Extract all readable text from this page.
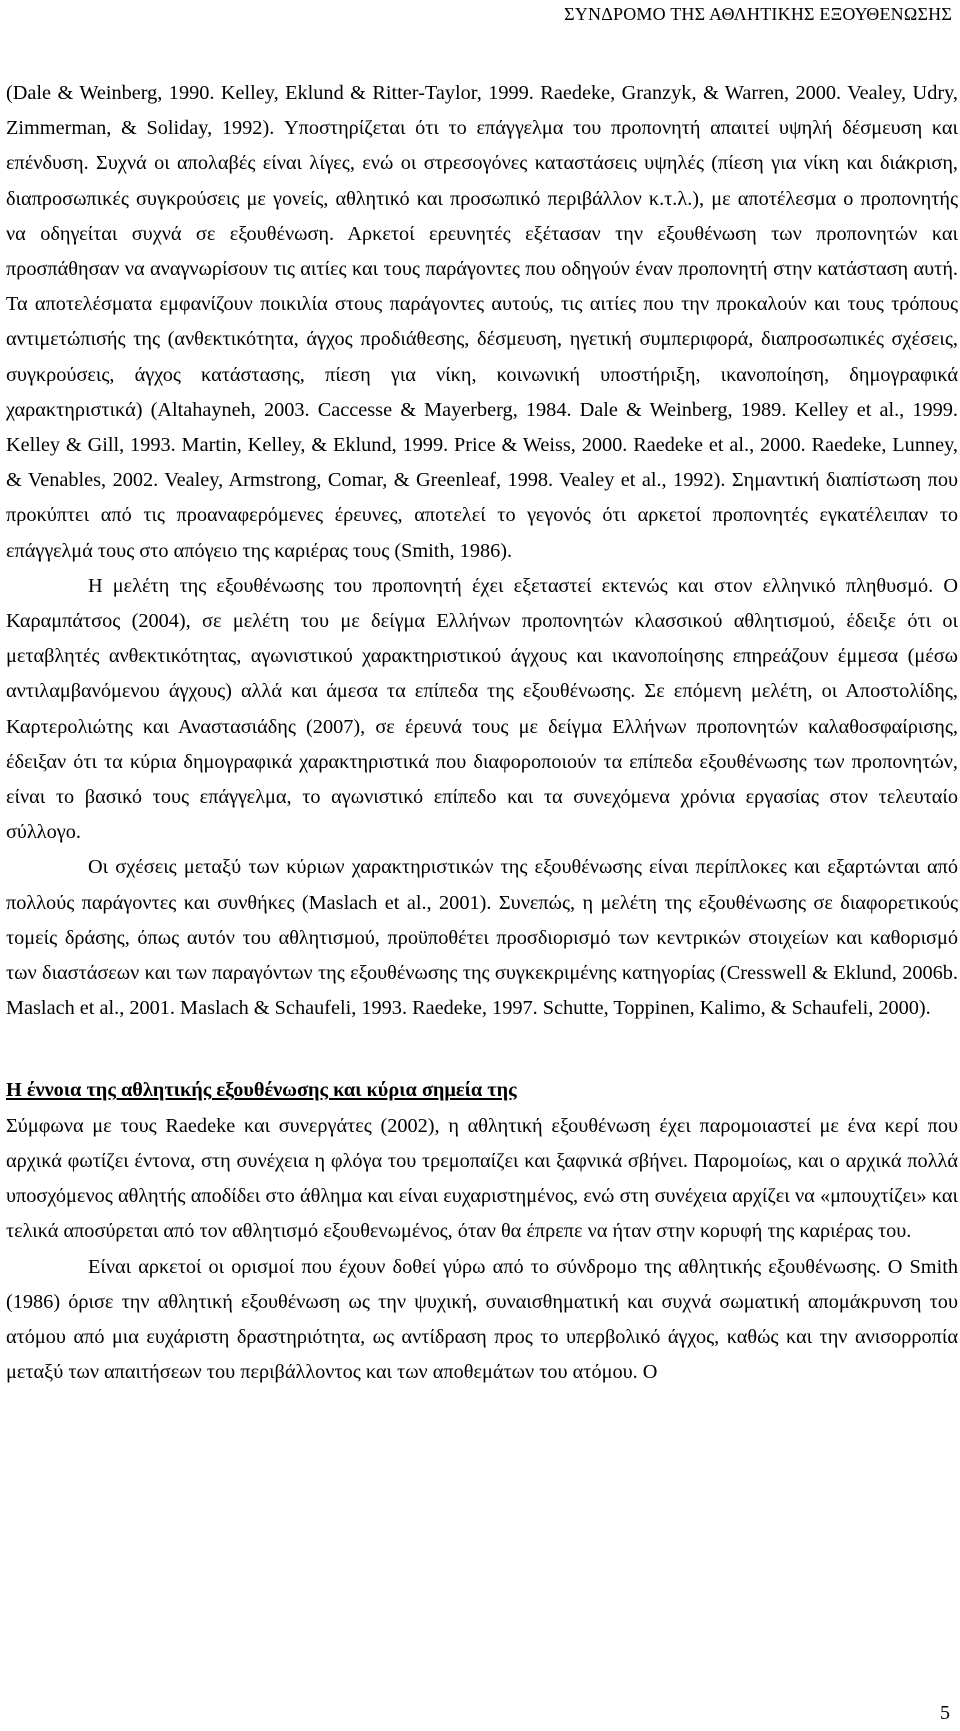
ΣΥΝΔΡΟΜΟ ΤΗΣ ΑΘΛΗΤΙΚΗΣ ΕΞΟΥΘΕΝΩΣΗΣ

(Dale & Weinberg, 1990. Kelley, Eklund & Ritter-Taylor, 1999. Raedeke, Granzyk, & Warren, 2000. Vealey, Udry, Zimmerman, & Soliday, 1992). Υποστηρίζεται ότι το επάγγελμα του προπονητή απαιτεί υψηλή δέσμευση και επένδυση. Συχνά οι απολαβές είναι λίγες, ενώ οι στρεσογόνες καταστάσεις υψηλές (πίεση για νίκη και διάκριση, διαπροσωπικές συγκρούσεις με γονείς, αθλητικό και προσωπικό περιβάλλον κ.τ.λ.), με αποτέλεσμα ο προπονητής να οδηγείται συχνά σε εξουθένωση. Αρκετοί ερευνητές εξέτασαν την εξουθένωση των προπονητών και προσπάθησαν να αναγνωρίσουν τις αιτίες και τους παράγοντες που οδηγούν έναν προπονητή στην κατάσταση αυτή. Τα αποτελέσματα εμφανίζουν ποικιλία στους παράγοντες αυτούς, τις αιτίες που την προκαλούν και τους τρόπους αντιμετώπισής της (ανθεκτικότητα, άγχος προδιάθεσης, δέσμευση, ηγετική συμπεριφορά, διαπροσωπικές σχέσεις, συγκρούσεις, άγχος κατάστασης, πίεση για νίκη, κοινωνική υποστήριξη, ικανοποίηση, δημογραφικά χαρακτηριστικά) (Altahayneh, 2003. Caccesse & Mayerberg, 1984. Dale & Weinberg, 1989. Kelley et al., 1999. Kelley & Gill, 1993. Martin, Kelley, & Eklund, 1999. Price & Weiss, 2000. Raedeke et al., 2000. Raedeke, Lunney, & Venables, 2002. Vealey, Armstrong, Comar, & Greenleaf, 1998. Vealey et al., 1992). Σημαντική διαπίστωση που προκύπτει από τις προαναφερόμενες έρευνες, αποτελεί το γεγονός ότι αρκετοί προπονητές εγκατέλειπαν το επάγγελμά τους στο απόγειο της καριέρας τους (Smith, 1986).

Η μελέτη της εξουθένωσης του προπονητή έχει εξεταστεί εκτενώς και στον ελληνικό πληθυσμό. Ο Καραμπάτσος (2004), σε μελέτη του με δείγμα Ελλήνων προπονητών κλασσικού αθλητισμού, έδειξε ότι οι μεταβλητές ανθεκτικότητας, αγωνιστικού χαρακτηριστικού άγχους και ικανοποίησης επηρεάζουν έμμεσα (μέσω αντιλαμβανόμενου άγχους) αλλά και άμεσα τα επίπεδα της εξουθένωσης. Σε επόμενη μελέτη, οι Αποστολίδης, Καρτερολιώτης και Αναστασιάδης (2007), σε έρευνά τους με δείγμα Ελλήνων προπονητών καλαθοσφαίρισης, έδειξαν ότι τα κύρια δημογραφικά χαρακτηριστικά που διαφοροποιούν τα επίπεδα εξουθένωσης των προπονητών, είναι το βασικό τους επάγγελμα, το αγωνιστικό επίπεδο και τα συνεχόμενα χρόνια εργασίας στον τελευταίο σύλλογο.

Οι σχέσεις μεταξύ των κύριων χαρακτηριστικών της εξουθένωσης είναι περίπλοκες και εξαρτώνται από πολλούς παράγοντες και συνθήκες (Maslach et al., 2001). Συνεπώς, η μελέτη της εξουθένωσης σε διαφορετικούς τομείς δράσης, όπως αυτόν του αθλητισμού, προϋποθέτει προσδιορισμό των κεντρικών στοιχείων και καθορισμό των διαστάσεων και των παραγόντων της εξουθένωσης της συγκεκριμένης κατηγορίας (Cresswell & Eklund, 2006b. Maslach et al., 2001. Maslach & Schaufeli, 1993. Raedeke, 1997. Schutte, Toppinen, Kalimo, & Schaufeli, 2000).

Η έννοια της αθλητικής εξουθένωσης και κύρια σημεία της

Σύμφωνα με τους Raedeke και συνεργάτες (2002), η αθλητική εξουθένωση έχει παρομοιαστεί με ένα κερί που αρχικά φωτίζει έντονα, στη συνέχεια η φλόγα του τρεμοπαίζει και ξαφνικά σβήνει. Παρομοίως, και ο αρχικά πολλά υποσχόμενος αθλητής αποδίδει στο άθλημα και είναι ευχαριστημένος, ενώ στη συνέχεια αρχίζει να «μπουχτίζει» και τελικά αποσύρεται από τον αθλητισμό εξουθενωμένος, όταν θα έπρεπε να ήταν στην κορυφή της καριέρας του.

Είναι αρκετοί οι ορισμοί που έχουν δοθεί γύρω από το σύνδρομο της αθλητικής εξουθένωσης. Ο Smith (1986) όρισε την αθλητική εξουθένωση ως την ψυχική, συναισθηματική και συχνά σωματική απομάκρυνση του ατόμου από μια ευχάριστη δραστηριότητα, ως αντίδραση προς το υπερβολικό άγχος, καθώς και την ανισορροπία μεταξύ των απαιτήσεων του περιβάλλοντος και των αποθεμάτων του ατόμου. Ο

5
